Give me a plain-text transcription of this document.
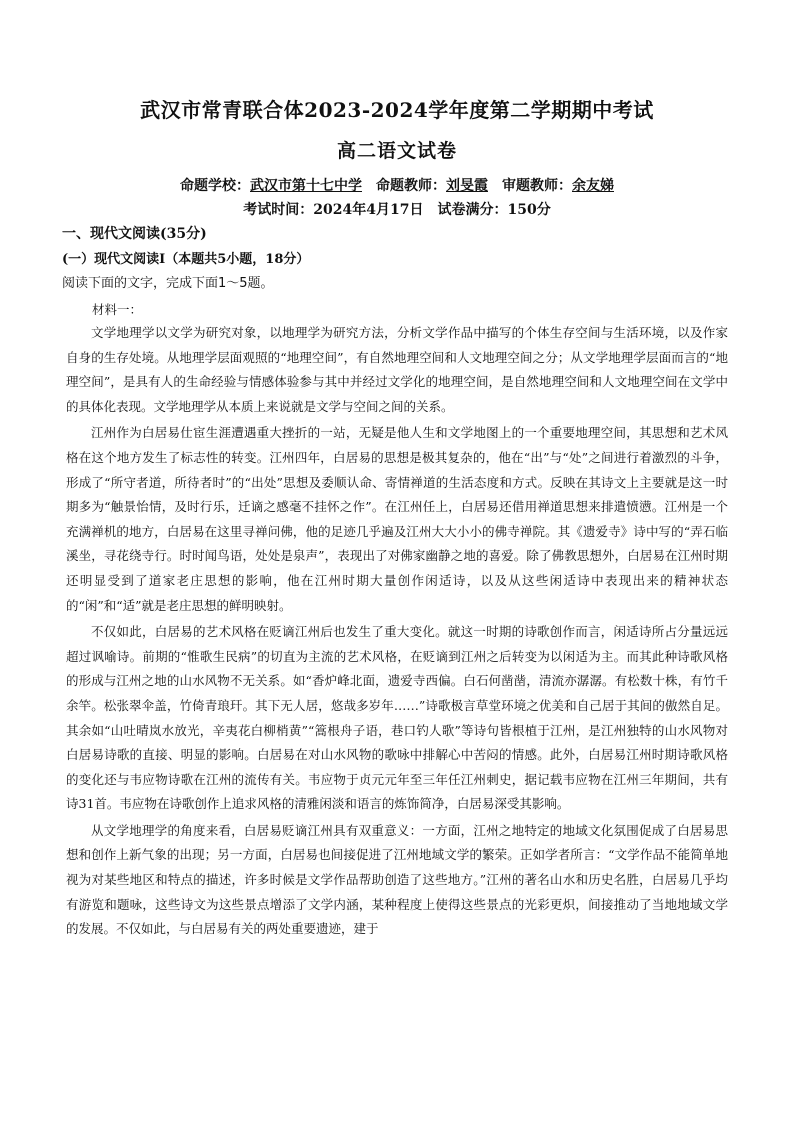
武汉市常青联合体2023-2024学年度第二学期期中考试
高二语文试卷
命题学校：武汉市第十七中学 命题教师：刘旻霞 审题教师：余友娣
考试时间：2024年4月17日　试卷满分：150分
一、现代文阅读(35分)
(一）现代文阅读Ⅰ（本题共5小题，18分）
阅读下面的文字，完成下面1～5题。
材料一：

文学地理学以文学为研究对象，以地理学为研究方法，分析文学作品中描写的个体生存空间与生活环境，以及作家自身的生存处境。从地理学层面观照的“地理空间”，有自然地理空间和人文地理空间之分；从文学地理学层面而言的“地理空间”，是具有人的生命经验与情感体验参与其中并经过文学化的地理空间，是自然地理空间和人文地理空间在文学中的具体化表现。文学地理学从本质上来说就是文学与空间之间的关系。

江州作为白居易仕宦生涯遭遇重大挫折的一站，无疑是他人生和文学地图上的一个重要地理空间，其思想和艺术风格在这个地方发生了标志性的转变。江州四年，白居易的思想是极其复杂的，他在“出”与“处”之间进行着激烈的斗争，形成了“所守者道，所待者时”的“出处”思想及委顺认命、寄情禅道的生活态度和方式。反映在其诗文上主要就是这一时期多为“触景怡情，及时行乐，迁谪之感毫不挂怀之作”。在江州任上，白居易还借用禅道思想来排遣愤懑。江州是一个充满禅机的地方，白居易在这里寻禅问佛，他的足迹几乎遍及江州大大小小的佛寺禅院。其《遗爱寺》诗中写的“弄石临溪坐，寻花绕寺行。时时闻鸟语，处处是泉声”，表现出了对佛家幽静之地的喜爱。除了佛教思想外，白居易在江州时期还明显受到了道家老庄思想的影响，他在江州时期大量创作闲适诗，以及从这些闲适诗中表现出来的精神状态的“闲”和“适”就是老庄思想的鲜明映射。

不仅如此，白居易的艺术风格在贬谪江州后也发生了重大变化。就这一时期的诗歌创作而言，闲适诗所占分量远远超过讽喻诗。前期的“惟歌生民病”的切直为主流的艺术风格，在贬谪到江州之后转变为以闲适为主。而其此种诗歌风格的形成与江州之地的山水风物不无关系。如“香炉峰北面，遗爱寺西偏。白石何凿凿，清流亦潺潺。有松数十株，有竹千余竿。松张翠伞盖，竹倚青琅玕。其下无人居，悠哉多岁年……”诗歌极言草堂环境之优美和自己居于其间的傲然自足。其余如“山吐晴岚水放光，辛夷花白柳梢黄”“篙根舟子语，巷口钓人歌”等诗句皆根植于江州，是江州独特的山水风物对白居易诗歌的直接、明显的影响。白居易在对山水风物的歌咏中排解心中苦闷的情感。此外，白居易江州时期诗歌风格的变化还与韦应物诗歌在江州的流传有关。韦应物于贞元元年至三年任江州刺史，据记载韦应物在江州三年期间，共有诗31首。韦应物在诗歌创作上追求风格的清雅闲淡和语言的炼饰简净，白居易深受其影响。

从文学地理学的角度来看，白居易贬谪江州具有双重意义：一方面，江州之地特定的地域文化氛围促成了白居易思想和创作上新气象的出现；另一方面，白居易也间接促进了江州地域文学的繁荣。正如学者所言：“文学作品不能简单地视为对某些地区和特点的描述，许多时候是文学作品帮助创造了这些地方。”江州的著名山水和历史名胜，白居易几乎均有游览和题咏，这些诗文为这些景点增添了文学内涵，某种程度上使得这些景点的光彩更炽，间接推动了当地地域文学的发展。不仅如此，与白居易有关的两处重要遗迹，建于
